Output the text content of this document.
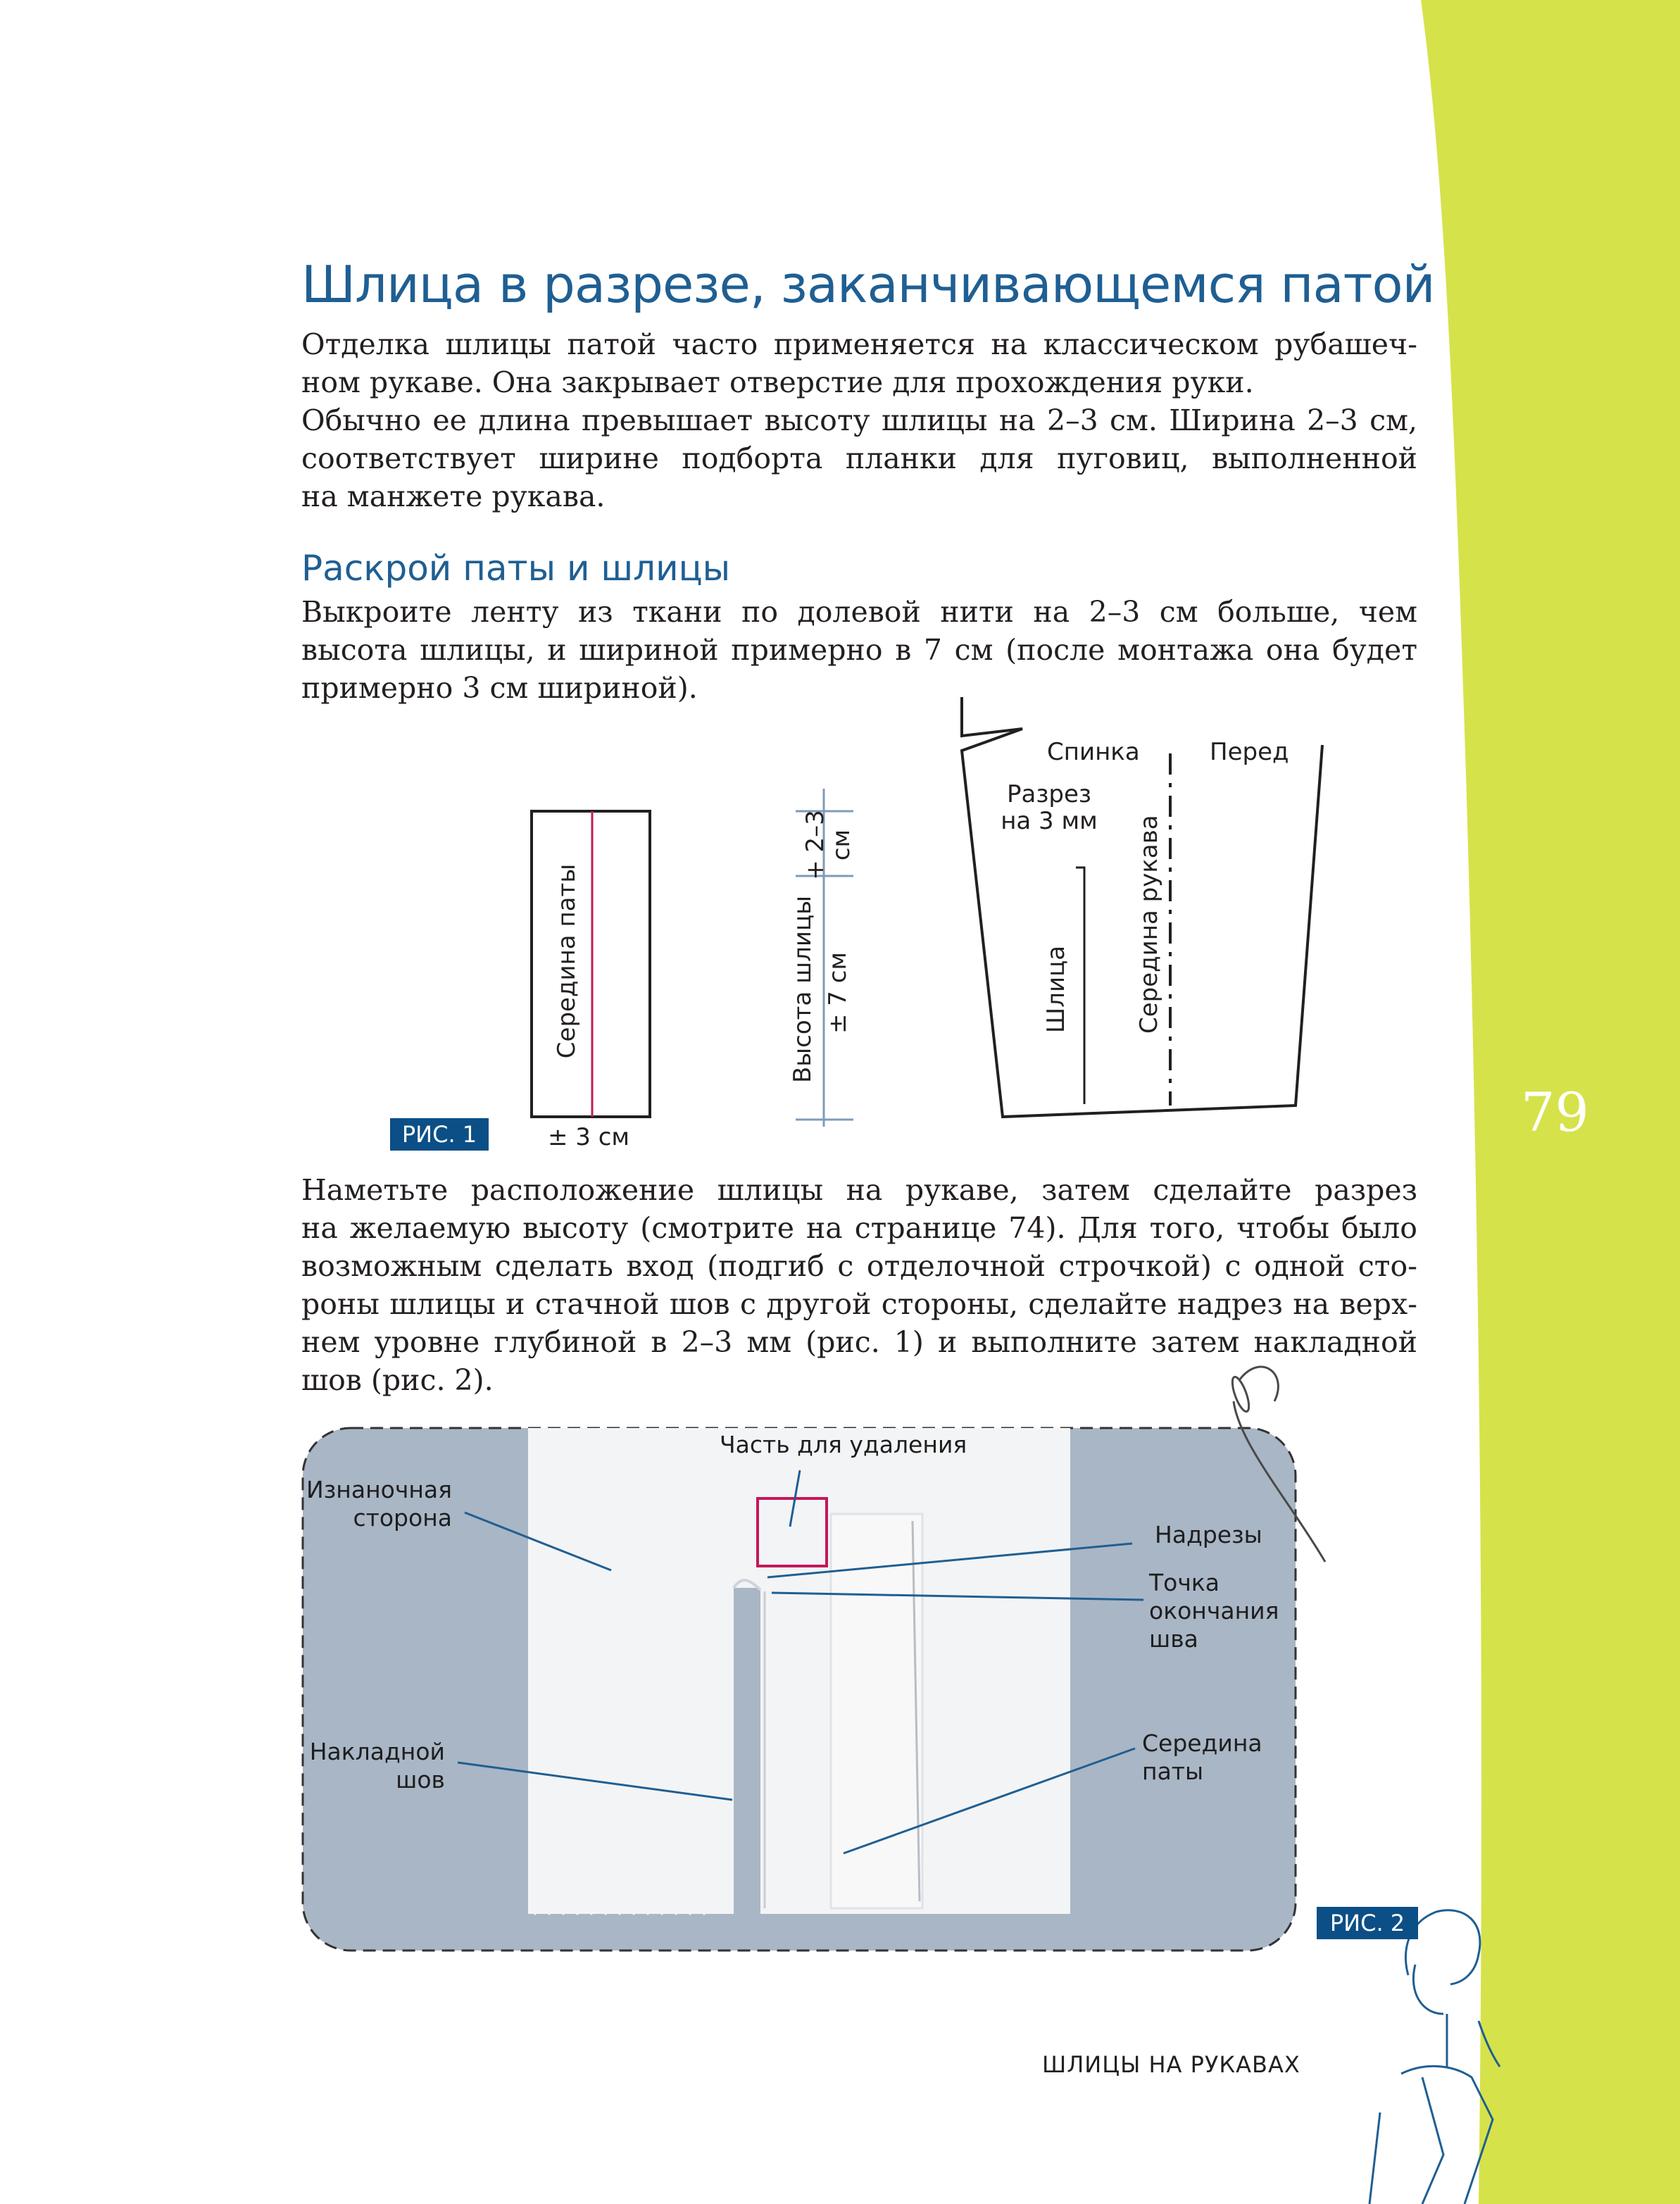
Шлица в разрезе, заканчивающемся патой
Отделка шлицы патой часто применяется на классическом рубашеч-
ном рукаве. Она закрывает отверстие для прохождения руки.
Обычно ее длина превышает высоту шлицы на 2–3 см. Ширина 2–3 см,
соответствует ширине подборта планки для пуговиц, выполненной
на манжете рукава.
Раскрой паты и шлицы
Выкроите ленту из ткани по долевой нити на 2–3 см больше, чем
высота шлицы, и шириной примерно в 7 см (после монтажа она будет
примерно 3 см шириной).
Середина паты
± 3 см
РИС. 1
Высота шлицы ± 7 см
+ 2–3
см
Спинка	Перед
Разрез
на 3 мм
Шлица	Середина рукава
Наметьте расположение шлицы на рукаве, затем сделайте разрез
на желаемую высоту (смотрите на странице 74). Для того, чтобы было
возможным сделать вход (подгиб с отделочной строчкой) с одной сто-
роны шлицы и стачной шов с другой стороны, сделайте надрез на верх-
нем уровне глубиной в 2–3 мм (рис. 1) и выполните затем накладной
шов (рис. 2).
Часть для удаления
Изнаночная
сторона
Надрезы
Точка
окончания
шва
Накладной
шов
Середина
паты
РИС. 2
79
ШЛИЦЫ НА РУКАВАХ
